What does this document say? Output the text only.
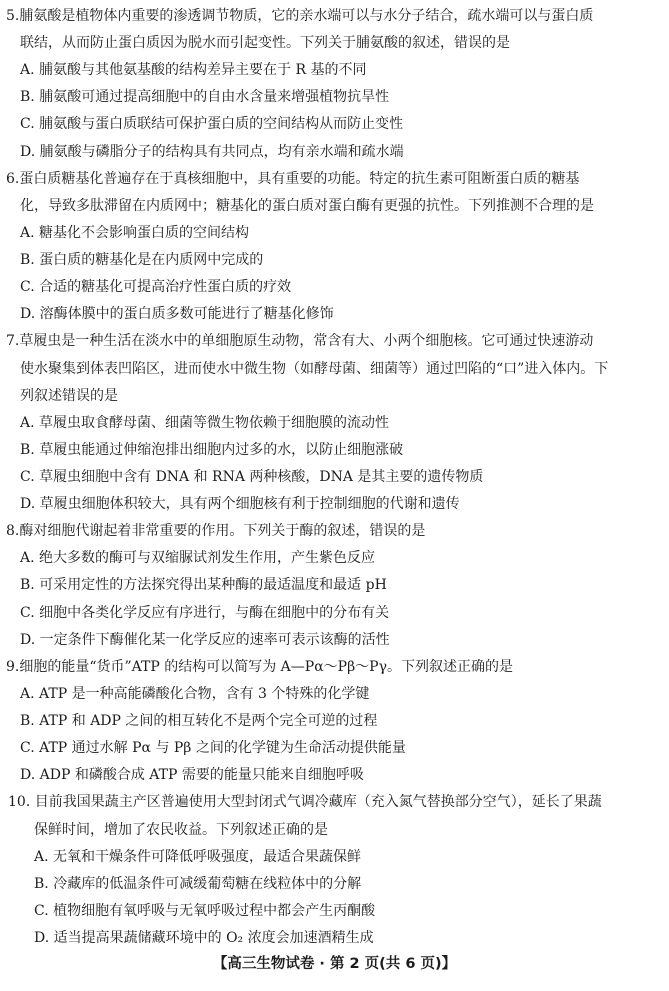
5.脯氨酸是植物体内重要的渗透调节物质，它的亲水端可以与水分子结合，疏水端可以与蛋白质
联结，从而防止蛋白质因为脱水而引起变性。下列关于脯氨酸的叙述，错误的是
A. 脯氨酸与其他氨基酸的结构差异主要在于 R 基的不同
B. 脯氨酸可通过提高细胞中的自由水含量来增强植物抗旱性
C. 脯氨酸与蛋白质联结可保护蛋白质的空间结构从而防止变性
D. 脯氨酸与磷脂分子的结构具有共同点，均有亲水端和疏水端
6.蛋白质糖基化普遍存在于真核细胞中，具有重要的功能。特定的抗生素可阻断蛋白质的糖基
化，导致多肽滞留在内质网中；糖基化的蛋白质对蛋白酶有更强的抗性。下列推测不合理的是
A. 糖基化不会影响蛋白质的空间结构
B. 蛋白质的糖基化是在内质网中完成的
C. 合适的糖基化可提高治疗性蛋白质的疗效
D. 溶酶体膜中的蛋白质多数可能进行了糖基化修饰
7.草履虫是一种生活在淡水中的单细胞原生动物，常含有大、小两个细胞核。它可通过快速游动
使水聚集到体表凹陷区，进而使水中微生物（如酵母菌、细菌等）通过凹陷的“口”进入体内。下
列叙述错误的是
A. 草履虫取食酵母菌、细菌等微生物依赖于细胞膜的流动性
B. 草履虫能通过伸缩泡排出细胞内过多的水，以防止细胞涨破
C. 草履虫细胞中含有 DNA 和 RNA 两种核酸，DNA 是其主要的遗传物质
D. 草履虫细胞体积较大，具有两个细胞核有利于控制细胞的代谢和遗传
8.酶对细胞代谢起着非常重要的作用。下列关于酶的叙述，错误的是
A. 绝大多数的酶可与双缩脲试剂发生作用，产生紫色反应
B. 可采用定性的方法探究得出某种酶的最适温度和最适 pH
C. 细胞中各类化学反应有序进行，与酶在细胞中的分布有关
D. 一定条件下酶催化某一化学反应的速率可表示该酶的活性
9.细胞的能量“货币”ATP 的结构可以简写为 A—Pα～Pβ～Pγ。下列叙述正确的是
A. ATP 是一种高能磷酸化合物，含有 3 个特殊的化学键
B. ATP 和 ADP 之间的相互转化不是两个完全可逆的过程
C. ATP 通过水解 Pα 与 Pβ 之间的化学键为生命活动提供能量
D. ADP 和磷酸合成 ATP 需要的能量只能来自细胞呼吸
10. 目前我国果蔬主产区普遍使用大型封闭式气调冷藏库（充入氮气替换部分空气），延长了果蔬
保鲜时间，增加了农民收益。下列叙述正确的是
A. 无氧和干燥条件可降低呼吸强度，最适合果蔬保鲜
B. 冷藏库的低温条件可减缓葡萄糖在线粒体中的分解
C. 植物细胞有氧呼吸与无氧呼吸过程中都会产生丙酮酸
D. 适当提高果蔬储藏环境中的 O₂ 浓度会加速酒精生成
【高三生物试卷 · 第 2 页(共 6 页)】
